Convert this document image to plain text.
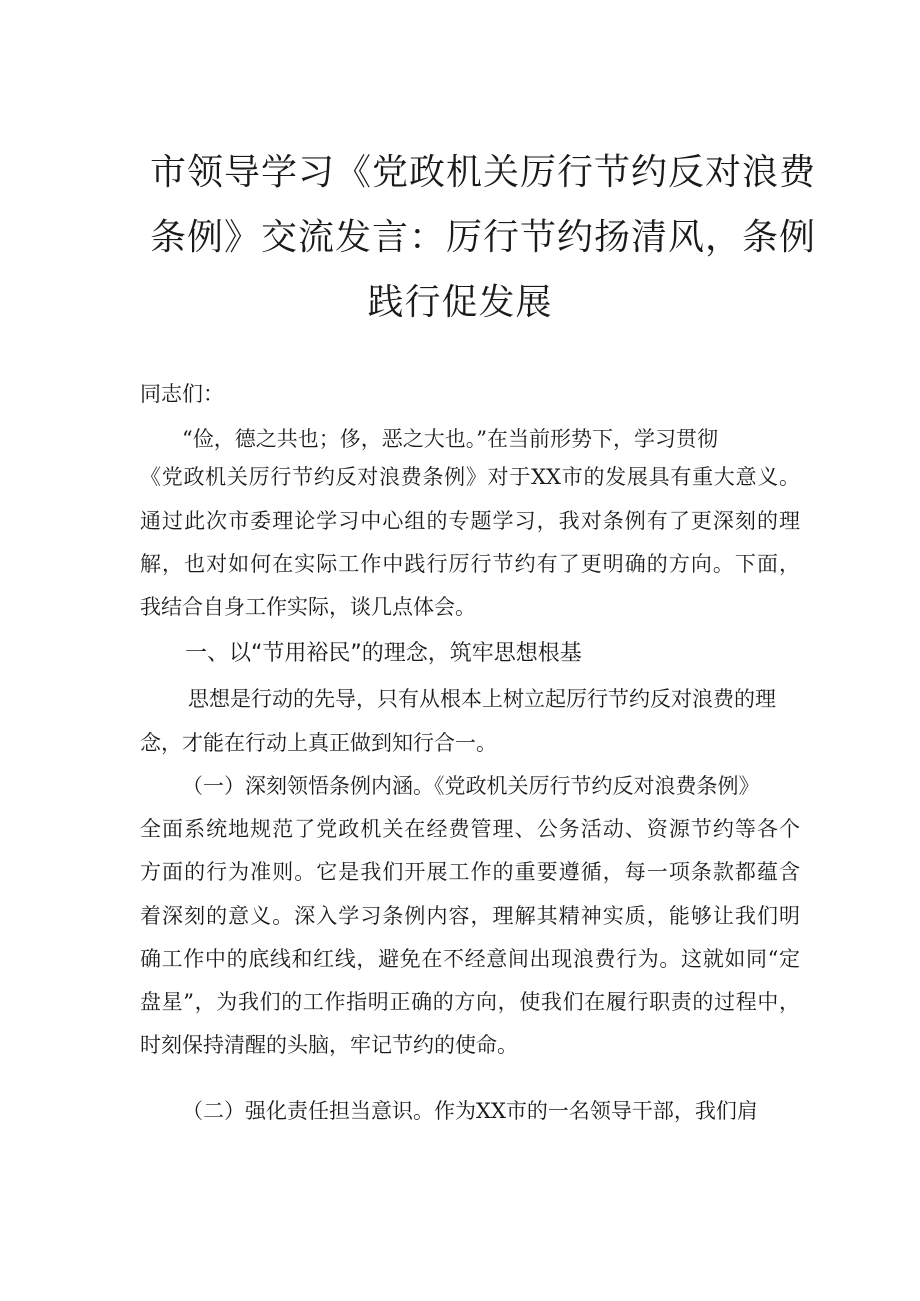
市领导学习《党政机关厉行节约反对浪费
条例》交流发言：厉行节约扬清风，条例
践行促发展
同志们：
“俭，德之共也；侈，恶之大也。”在当前形势下，学习贯彻
《党政机关厉行节约反对浪费条例》对于XX市的发展具有重大意义。
通过此次市委理论学习中心组的专题学习，我对条例有了更深刻的理
解，也对如何在实际工作中践行厉行节约有了更明确的方向。下面，
我结合自身工作实际，谈几点体会。
一、以“节用裕民”的理念，筑牢思想根基
思想是行动的先导，只有从根本上树立起厉行节约反对浪费的理
念，才能在行动上真正做到知行合一。
（一）深刻领悟条例内涵。《党政机关厉行节约反对浪费条例》
全面系统地规范了党政机关在经费管理、公务活动、资源节约等各个
方面的行为准则。它是我们开展工作的重要遵循，每一项条款都蕴含
着深刻的意义。深入学习条例内容，理解其精神实质，能够让我们明
确工作中的底线和红线，避免在不经意间出现浪费行为。这就如同“定
盘星”，为我们的工作指明正确的方向，使我们在履行职责的过程中，
时刻保持清醒的头脑，牢记节约的使命。
（二）强化责任担当意识。作为XX市的一名领导干部，我们肩
